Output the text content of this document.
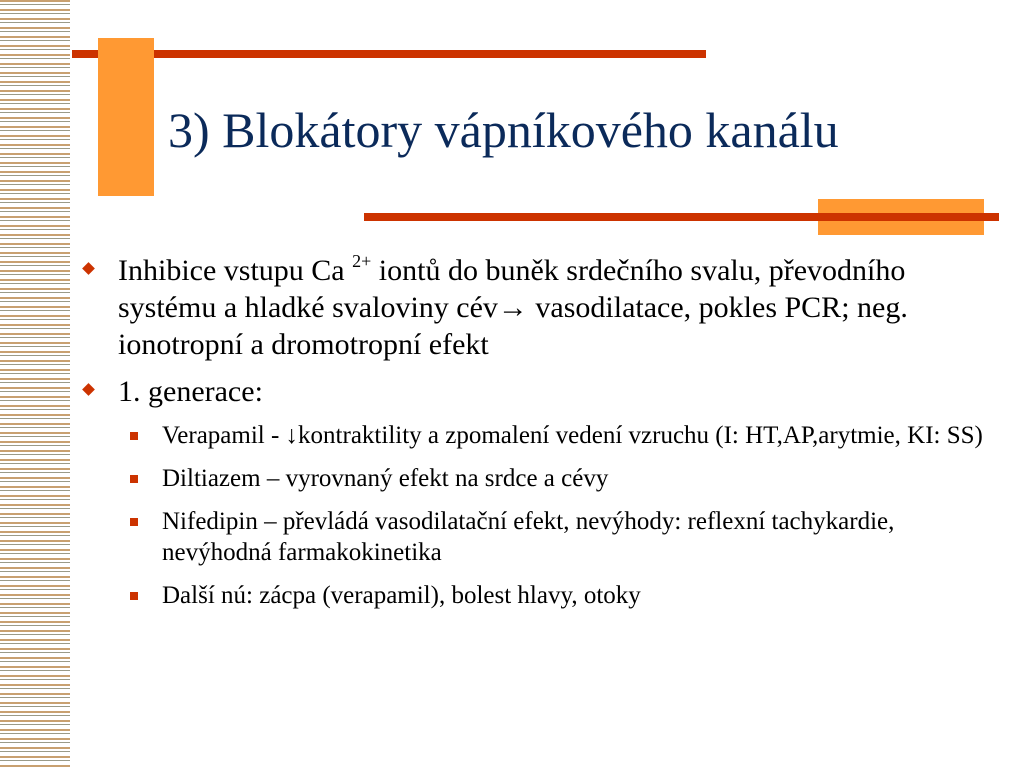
3) Blokátory vápníkového kanálu
Inhibice vstupu Ca $^{2+}$ iontů do buněk srdečního svalu, převodního systému a hladké svaloviny cév→ vasodilatace, pokles PCR; neg. ionotropní a dromotropní efekt
1. generace:
Verapamil - ↓kontraktility a zpomalení vedení vzruchu (I: HT,AP,arytmie, KI: SS)
Diltiazem – vyrovnaný efekt na srdce a cévy
Nifedipin – převládá vasodilatační efekt, nevýhody: reflexní tachykardie, nevýhodná farmakokinetika
Další nú: zácpa (verapamil), bolest hlavy, otoky
